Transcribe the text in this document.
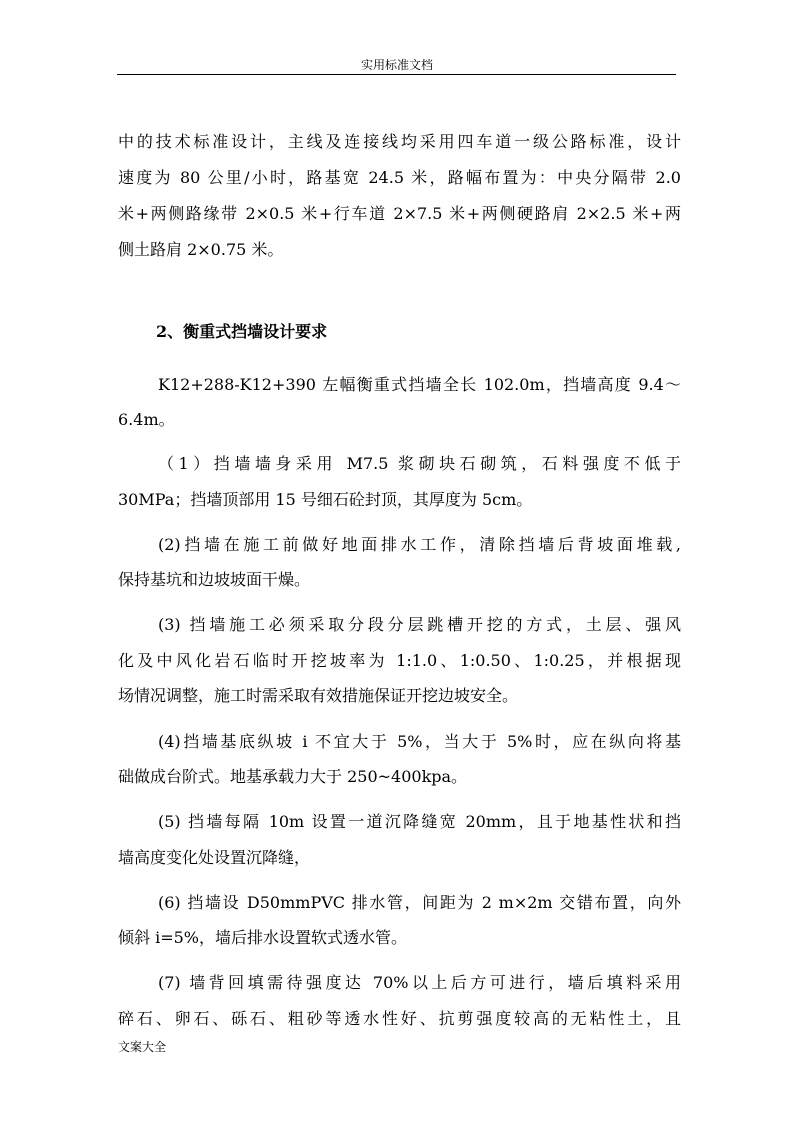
实用标准文档
中的技术标准设计，主线及连接线均采用四车道一级公路标准，设计
速度为 80 公里/小时，路基宽 24.5 米，路幅布置为：中央分隔带 2.0
米+两侧路缘带 2×0.5 米+行车道 2×7.5 米+两侧硬路肩 2×2.5 米+两
侧土路肩 2×0.75 米。
2、衡重式挡墙设计要求
K12+288-K12+390 左幅衡重式挡墙全长 102.0m，挡墙高度 9.4～
6.4m。
（1）挡墙墙身采用 M7.5 浆砌块石砌筑，石料强度不低于
30MPa；挡墙顶部用 15 号细石砼封顶，其厚度为 5cm。
(2)挡墙在施工前做好地面排水工作，清除挡墙后背坡面堆载,
保持基坑和边坡坡面干燥。
(3) 挡墙施工必须采取分段分层跳槽开挖的方式，土层、强风
化及中风化岩石临时开挖坡率为 1:1.0、1:0.50、1:0.25，并根据现
场情况调整，施工时需采取有效措施保证开挖边坡安全。
(4)挡墙基底纵坡 i 不宜大于 5%，当大于 5%时，应在纵向将基
础做成台阶式。地基承载力大于 250~400kpa。
(5) 挡墙每隔 10m 设置一道沉降缝宽 20mm，且于地基性状和挡
墙高度变化处设置沉降缝，
(6) 挡墙设 D50mmPVC 排水管，间距为 2 m×2m 交错布置，向外
倾斜 i=5%，墙后排水设置软式透水管。
(7) 墙背回填需待强度达 70%以上后方可进行，墙后填料采用
碎石、卵石、砾石、粗砂等透水性好、抗剪强度较高的无粘性土，且
文案大全
